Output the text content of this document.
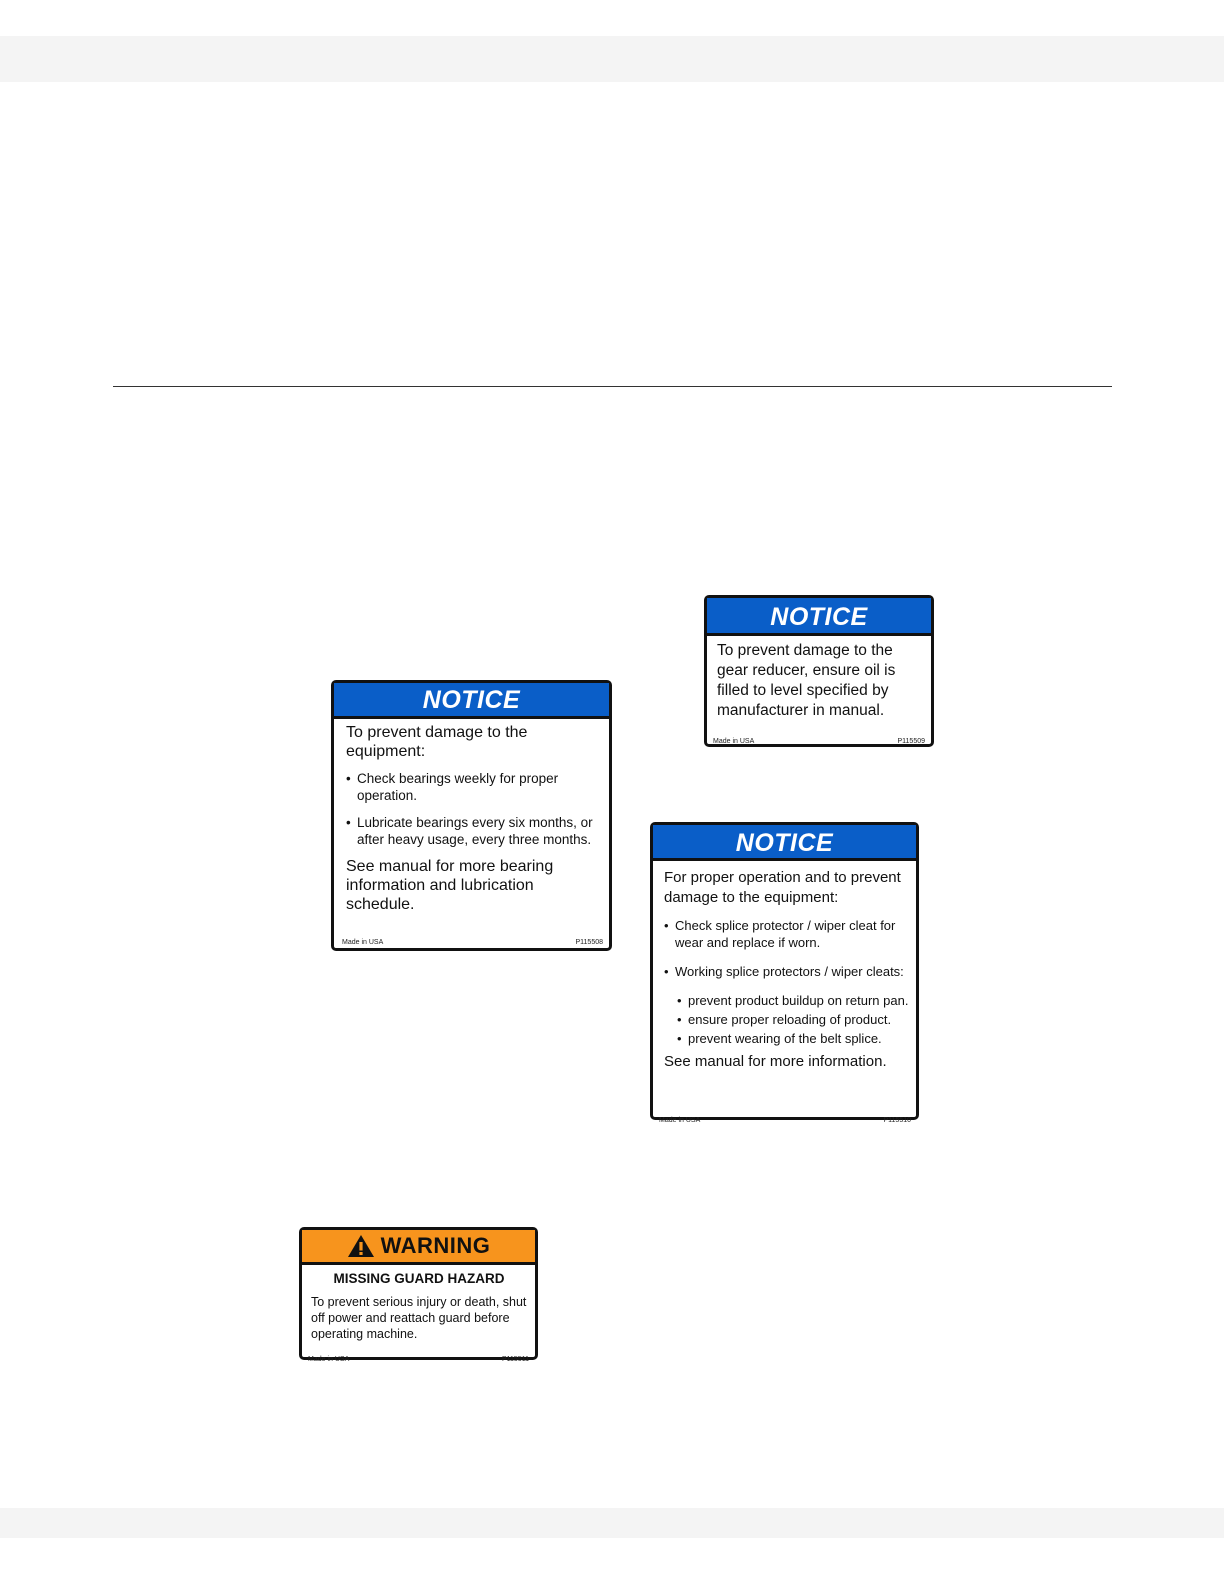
NOTICE

To prevent damage to the equipment:

• Check bearings weekly for proper operation.
• Lubricate bearings every six months, or after heavy usage, every three months.

See manual for more bearing information and lubrication schedule.

Made in USA	P115508
NOTICE

To prevent damage to the gear reducer, ensure oil is filled to level specified by manufacturer in manual.

Made in USA	P115509
NOTICE

For proper operation and to prevent damage to the equipment:

• Check splice protector / wiper cleat for wear and replace if worn.
• Working splice protectors / wiper cleats:
• prevent product buildup on return pan.
• ensure proper reloading of product.
• prevent wearing of the belt splice.

See manual for more information.

Made in USA	P115510
WARNING

MISSING GUARD HAZARD

To prevent serious injury or death, shut off power and reattach guard before operating machine.

Made in USA	P115511
